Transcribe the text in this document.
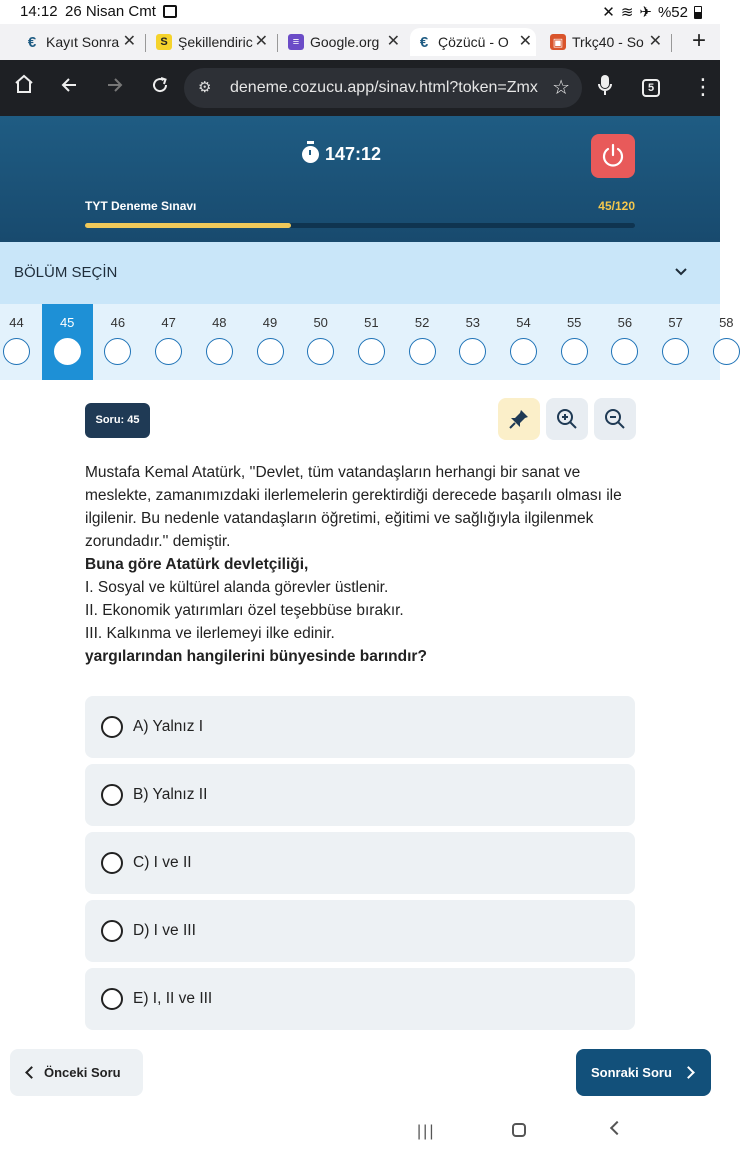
14:12 26 Nisan Cmt	✕ ≋ ✈ %52
€ Kayıt Sonra ✕	S Şekillendiric ✕	≡ Google.org ✕ € Çözücü - O ✕ ▣ Trkç40 - So ✕ +
⚙ deneme.cozucu.app/sinav.html?token=Zmx ☆	5 ⋮
147:12
TYT Deneme Sınavı	45/120
BÖLÜM SEÇİN
44	45	46	47	48	49	50	51	52	53	54	55	56	57	58
Soru: 45

Mustafa Kemal Atatürk, ''Devlet, tüm vatandaşların herhangi bir sanat ve meslekte, zamanımızdaki ilerlemelerin gerektirdiği derecede başarılı olması ile ilgilenir. Bu nedenle vatandaşların öğretimi, eğitimi ve sağlığıyla ilgilenmek zorundadır.'' demiştir.

Buna göre Atatürk devletçiliği,

I. Sosyal ve kültürel alanda görevler üstlenir.

II. Ekonomik yatırımları özel teşebbüse bırakır.

III. Kalkınma ve ilerlemeyi ilke edinir.

yargılarından hangilerini bünyesinde barındır?

A) Yalnız I
B) Yalnız II
C) I ve II
D) I ve III
E) I, II ve III
Önceki Soru	Sonraki Soru
|||
